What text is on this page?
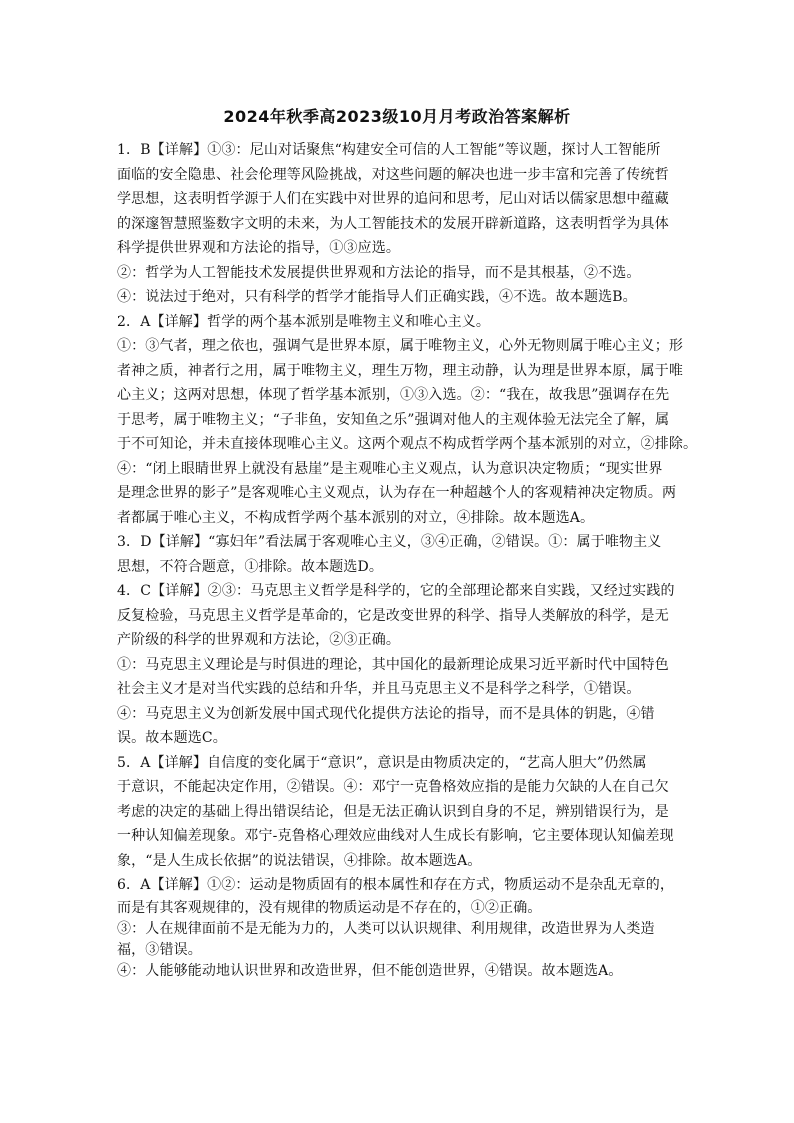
2024年秋季高2023级10月月考政治答案解析

1．B【详解】①③：尼山对话聚焦“构建安全可信的人工智能”等议题，探讨人工智能所

面临的安全隐患、社会伦理等风险挑战，对这些问题的解决也进一步丰富和完善了传统哲

学思想，这表明哲学源于人们在实践中对世界的追问和思考，尼山对话以儒家思想中蕴藏

的深邃智慧照鉴数字文明的未来，为人工智能技术的发展开辟新道路，这表明哲学为具体

科学提供世界观和方法论的指导，①③应选。

②：哲学为人工智能技术发展提供世界观和方法论的指导，而不是其根基，②不选。

④：说法过于绝对，只有科学的哲学才能指导人们正确实践，④不选。故本题选B。

2．A【详解】哲学的两个基本派别是唯物主义和唯心主义。

①：③气者，理之依也，强调气是世界本原，属于唯物主义，心外无物则属于唯心主义；形

者神之质，神者行之用，属于唯物主义，理生万物，理主动静，认为理是世界本原，属于唯

心主义；这两对思想，体现了哲学基本派别，①③入选。②：“我在，故我思”强调存在先

于思考，属于唯物主义；“子非鱼，安知鱼之乐”强调对他人的主观体验无法完全了解，属

于不可知论，并未直接体现唯心主义。这两个观点不构成哲学两个基本派别的对立，②排除。

④：“闭上眼睛世界上就没有悬崖”是主观唯心主义观点，认为意识决定物质；“现实世界

是理念世界的影子”是客观唯心主义观点，认为存在一种超越个人的客观精神决定物质。两

者都属于唯心主义，不构成哲学两个基本派别的对立，④排除。故本题选A。

3．D【详解】“寡妇年”看法属于客观唯心主义，③④正确，②错误。①：属于唯物主义

思想，不符合题意，①排除。故本题选D。

4．C【详解】②③：马克思主义哲学是科学的，它的全部理论都来自实践，又经过实践的

反复检验，马克思主义哲学是革命的，它是改变世界的科学、指导人类解放的科学，是无

产阶级的科学的世界观和方法论，②③正确。

①：马克思主义理论是与时俱进的理论，其中国化的最新理论成果习近平新时代中国特色

社会主义才是对当代实践的总结和升华，并且马克思主义不是科学之科学，①错误。

④：马克思主义为创新发展中国式现代化提供方法论的指导，而不是具体的钥匙，④错

误。故本题选C。

5．A【详解】自信度的变化属于“意识”，意识是由物质决定的，“艺高人胆大”仍然属

于意识，不能起决定作用，②错误。④：邓宁一克鲁格效应指的是能力欠缺的人在自己欠

考虑的决定的基础上得出错误结论，但是无法正确认识到自身的不足，辨别错误行为，是

一种认知偏差现象。邓宁-克鲁格心理效应曲线对人生成长有影响，它主要体现认知偏差现

象，“是人生成长依据”的说法错误，④排除。故本题选A。

6．A【详解】①②：运动是物质固有的根本属性和存在方式，物质运动不是杂乱无章的，

而是有其客观规律的，没有规律的物质运动是不存在的，①②正确。

③：人在规律面前不是无能为力的，人类可以认识规律、利用规律，改造世界为人类造

福，③错误。

④：人能够能动地认识世界和改造世界，但不能创造世界，④错误。故本题选A。
